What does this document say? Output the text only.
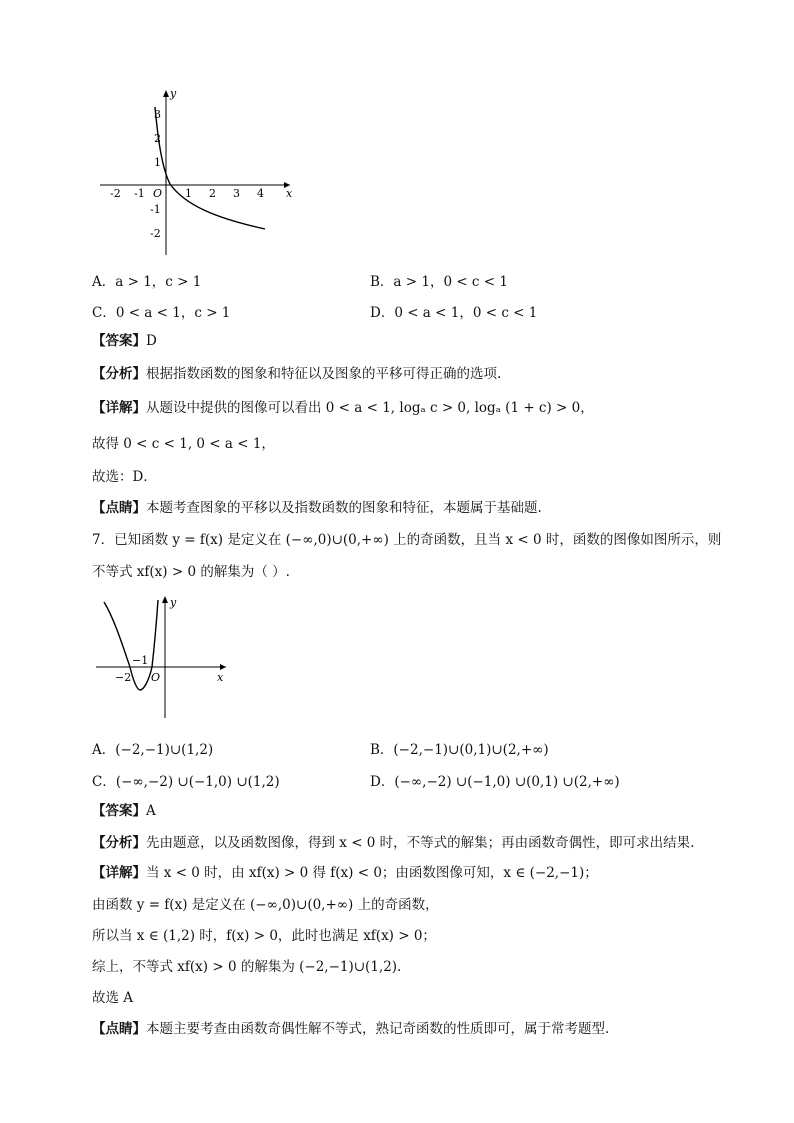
y
x
O
-2 -1	1 2 3 4
3
2
1
-1
-2
A．a > 1，c > 1	B．a > 1，0 < c < 1
C．0 < a < 1，c > 1	D．0 < a < 1，0 < c < 1
【答案】D
【分析】根据指数函数的图象和特征以及图象的平移可得正确的选项.
【详解】从题设中提供的图像可以看出 0 < a < 1, logₐ c > 0, logₐ (1 + c) > 0，
故得 0 < c < 1, 0 < a < 1，
故选：D．
【点睛】本题考查图象的平移以及指数函数的图象和特征，本题属于基础题.
7．已知函数 y = f(x) 是定义在 (−∞,0)∪(0,+∞) 上的奇函数，且当 x < 0 时，函数的图像如图所示，则
不等式 xf(x) > 0 的解集为（ ）.
y
x
O
−2
−1
A．(−2,−1)∪(1,2)	B．(−2,−1)∪(0,1)∪(2,+∞)
C．(−∞,−2) ∪(−1,0) ∪(1,2)	D．(−∞,−2) ∪(−1,0) ∪(0,1) ∪(2,+∞)
【答案】A
【分析】先由题意，以及函数图像，得到 x < 0 时，不等式的解集；再由函数奇偶性，即可求出结果.
【详解】当 x < 0 时，由 xf(x) > 0 得 f(x) < 0；由函数图像可知，x ∈ (−2,−1)；
由函数 y = f(x) 是定义在 (−∞,0)∪(0,+∞) 上的奇函数，
所以当 x ∈ (1,2) 时，f(x) > 0，此时也满足 xf(x) > 0；
综上，不等式 xf(x) > 0 的解集为 (−2,−1)∪(1,2).
故选 A
【点睛】本题主要考查由函数奇偶性解不等式，熟记奇函数的性质即可，属于常考题型.
